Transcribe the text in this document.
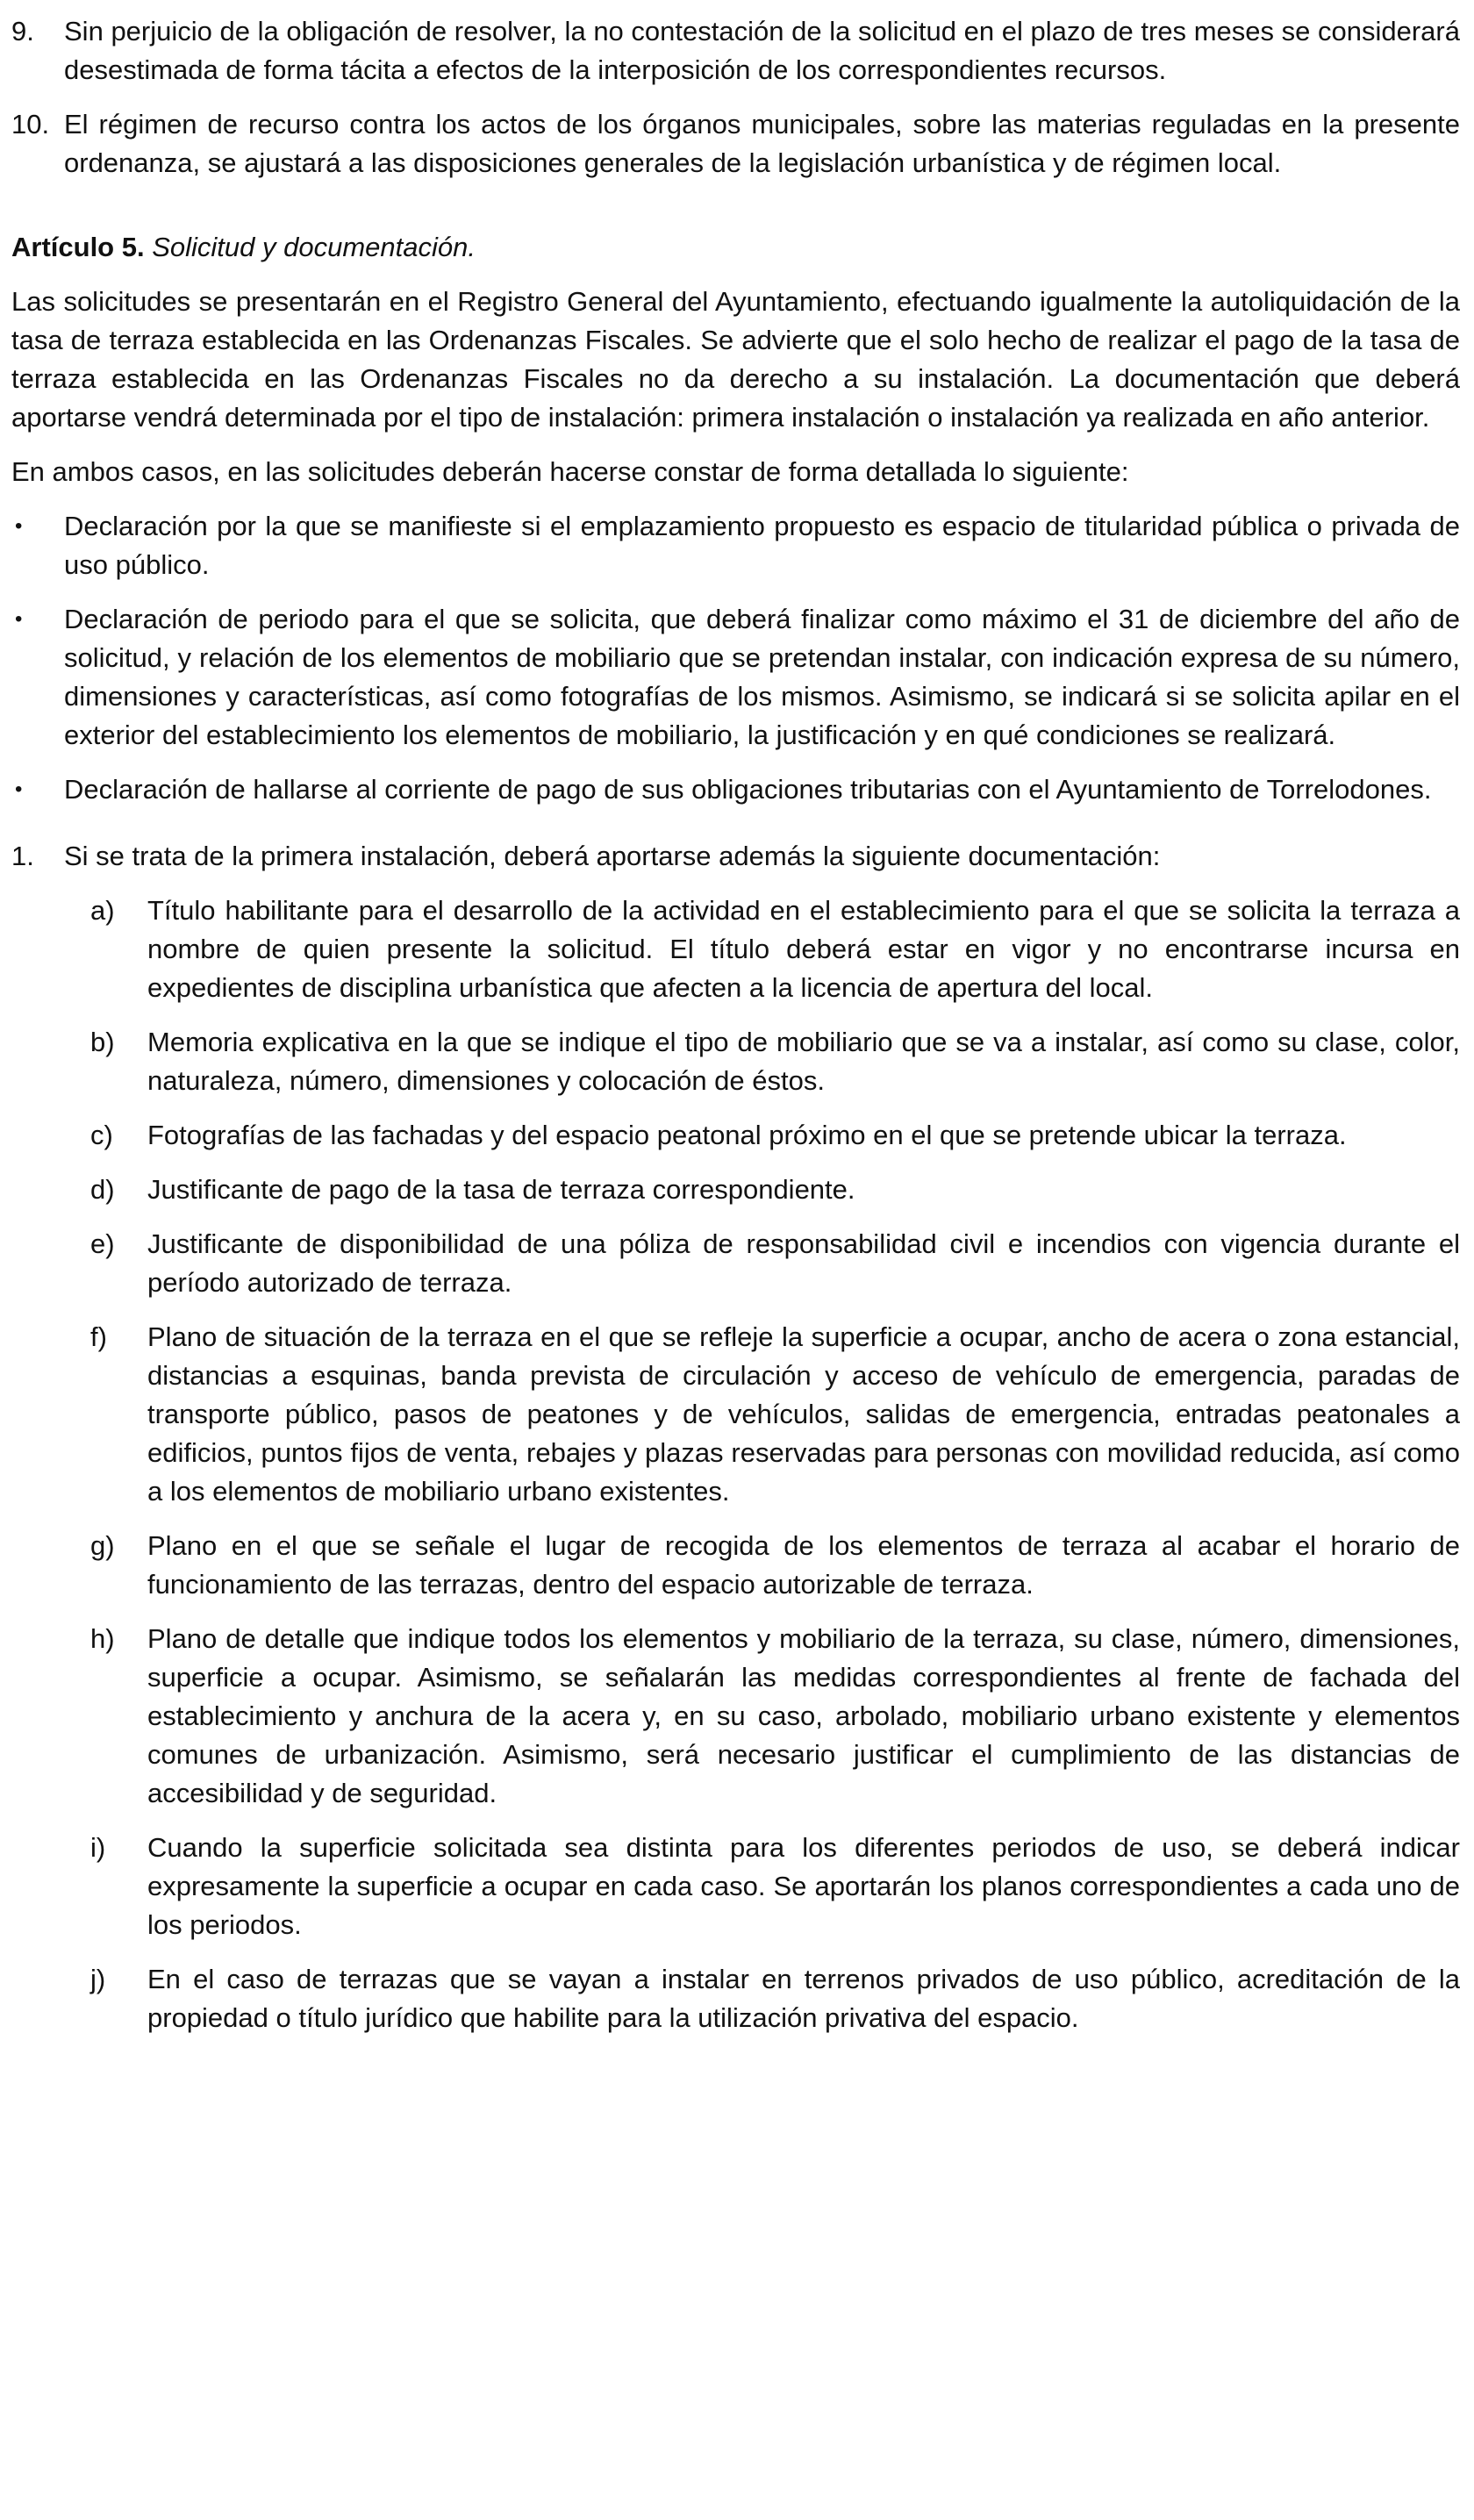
9.	Sin perjuicio de la obligación de resolver, la no contestación de la solicitud en el plazo de tres meses se considerará desestimada de forma tácita a efectos de la interposición de los correspondientes recursos.
10. El régimen de recurso contra los actos de los órganos municipales, sobre las materias reguladas en la presente ordenanza, se ajustará a las disposiciones generales de la legislación urbanística y de régimen local.
Artículo 5. Solicitud y documentación.

Las solicitudes se presentarán en el Registro General del Ayuntamiento, efectuando igualmente la autoliquidación de la tasa de terraza establecida en las Ordenanzas Fiscales. Se advierte que el solo hecho de realizar el pago de la tasa de terraza establecida en las Ordenanzas Fiscales no da derecho a su instalación. La documentación que deberá aportarse vendrá determinada por el tipo de instalación: primera instalación o instalación ya realizada en año anterior.

En ambos casos, en las solicitudes deberán hacerse constar de forma detallada lo siguiente:

•	Declaración por la que se manifieste si el emplazamiento propuesto es espacio de titularidad pública o privada de uso público.
•	Declaración de periodo para el que se solicita, que deberá finalizar como máximo el 31 de diciembre del año de solicitud, y relación de los elementos de mobiliario que se pretendan instalar, con indicación expresa de su número, dimensiones y características, así como fotografías de los mismos. Asimismo, se indicará si se solicita apilar en el exterior del establecimiento los elementos de mobiliario, la justificación y en qué condiciones se realizará.
•	Declaración de hallarse al corriente de pago de sus obligaciones tributarias con el Ayuntamiento de Torrelodones.
1.	Si se trata de la primera instalación, deberá aportarse además la siguiente documentación:
a)	Título habilitante para el desarrollo de la actividad en el establecimiento para el que se solicita la terraza a nombre de quien presente la solicitud. El título deberá estar en vigor y no encontrarse incursa en expedientes de disciplina urbanística que afecten a la licencia de apertura del local.
b)	Memoria explicativa en la que se indique el tipo de mobiliario que se va a instalar, así como su clase, color, naturaleza, número, dimensiones y colocación de éstos.
c)	Fotografías de las fachadas y del espacio peatonal próximo en el que se pretende ubicar la terraza.
d)	Justificante de pago de la tasa de terraza correspondiente.
e)	Justificante de disponibilidad de una póliza de responsabilidad civil e incendios con vigencia durante el período autorizado de terraza.
f)	Plano de situación de la terraza en el que se refleje la superficie a ocupar, ancho de acera o zona estancial, distancias a esquinas, banda prevista de circulación y acceso de vehículo de emergencia, paradas de transporte público, pasos de peatones y de vehículos, salidas de emergencia, entradas peatonales a edificios, puntos fijos de venta, rebajes y plazas reservadas para personas con movilidad reducida, así como a los elementos de mobiliario urbano existentes.
g)	Plano en el que se señale el lugar de recogida de los elementos de terraza al acabar el horario de funcionamiento de las terrazas, dentro del espacio autorizable de terraza.
h)	Plano de detalle que indique todos los elementos y mobiliario de la terraza, su clase, número, dimensiones, superficie a ocupar. Asimismo, se señalarán las medidas correspondientes al frente de fachada del establecimiento y anchura de la acera y, en su caso, arbolado, mobiliario urbano existente y elementos comunes de urbanización. Asimismo, será necesario justificar el cumplimiento de las distancias de accesibilidad y de seguridad.
i)	Cuando la superficie solicitada sea distinta para los diferentes periodos de uso, se deberá indicar expresamente la superficie a ocupar en cada caso. Se aportarán los planos correspondientes a cada uno de los periodos.
j)	En el caso de terrazas que se vayan a instalar en terrenos privados de uso público, acreditación de la propiedad o título jurídico que habilite para la utilización privativa del espacio.
